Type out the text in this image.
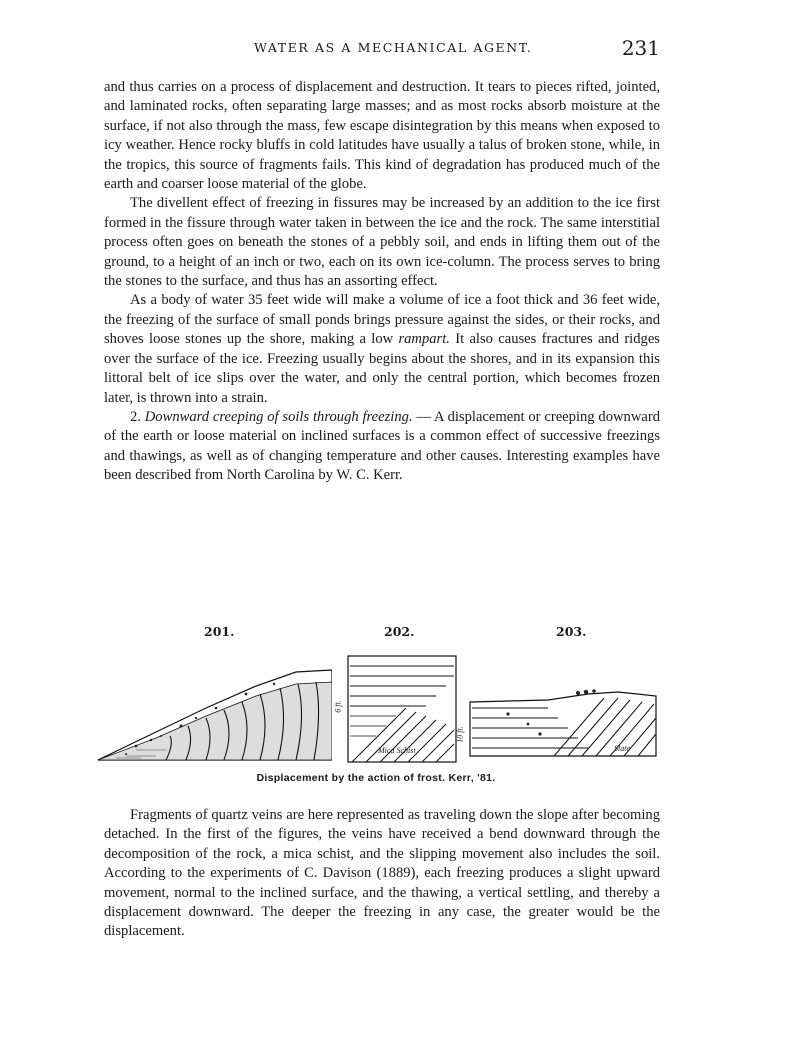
WATER AS A MECHANICAL AGENT.	231

and thus carries on a process of displacement and destruction. It tears to pieces rifted, jointed, and laminated rocks, often separating large masses; and as most rocks absorb moisture at the surface, if not also through the mass, few escape disintegration by this means when exposed to icy weather. Hence rocky bluffs in cold latitudes have usually a talus of broken stone, while, in the tropics, this source of fragments fails. This kind of degradation has produced much of the earth and coarser loose material of the globe.

The divellent effect of freezing in fissures may be increased by an addition to the ice first formed in the fissure through water taken in between the ice and the rock. The same interstitial process often goes on beneath the stones of a pebbly soil, and ends in lifting them out of the ground, to a height of an inch or two, each on its own ice-column. The process serves to bring the stones to the surface, and thus has an assorting effect.

As a body of water 35 feet wide will make a volume of ice a foot thick and 36 feet wide, the freezing of the surface of small ponds brings pressure against the sides, or their rocks, and shoves loose stones up the shore, making a low rampart. It also causes fractures and ridges over the surface of the ice. Freezing usually begins about the shores, and in its expansion this littoral belt of ice slips over the water, and only the central portion, which becomes frozen later, is thrown into a strain.

2. Downward creeping of soils through freezing. — A displacement or creeping downward of the earth or loose material on inclined surfaces is a common effect of successive freezings and thawings, as well as of changing temperature and other causes. Interesting examples have been described from North Carolina by W. C. Kerr.

201.	202.	203.
6 ft.
Mica Schist
10 ft.
Slate
Displacement by the action of frost. Kerr, '81.

Fragments of quartz veins are here represented as traveling down the slope after becoming detached. In the first of the figures, the veins have received a bend downward through the decomposition of the rock, a mica schist, and the slipping movement also includes the soil. According to the experiments of C. Davison (1889), each freezing produces a slight upward movement, normal to the inclined surface, and the thawing, a vertical settling, and thereby a displacement downward. The deeper the freezing in any case, the greater would be the displacement.
